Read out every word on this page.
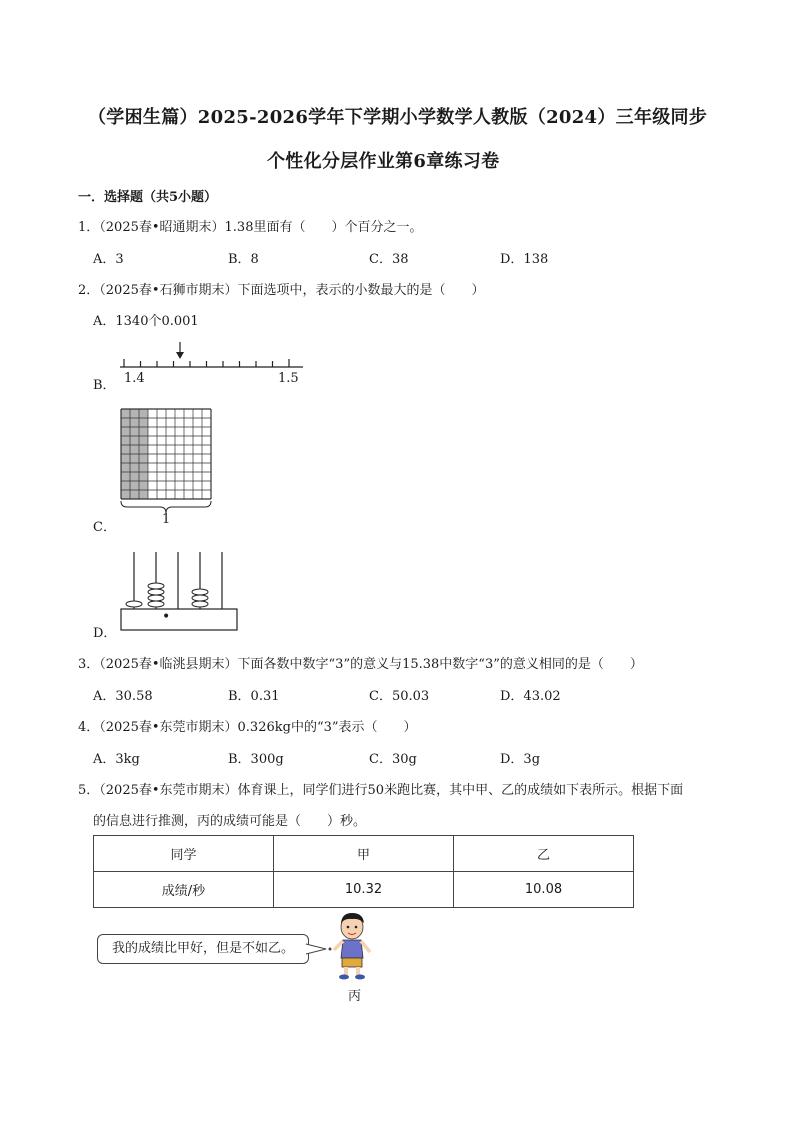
（学困生篇）2025-2026学年下学期小学数学人教版（2024）三年级同步
个性化分层作业第6章练习卷
一．选择题（共5小题）
1．（2025春•昭通期末）1.38里面有（　　）个百分之一。
A．3	B．8	C．38	D．138
2．（2025春•石狮市期末）下面选项中，表示的小数最大的是（　　）
A．1340个0.001
B． 1.4	1.5
C．
1
D．
•
3．（2025春•临洮县期末）下面各数中数字“3”的意义与15.38中数字“3”的意义相同的是（　　）
A．30.58	B．0.31	C．50.03	D．43.02
4．（2025春•东莞市期末）0.326kg中的“3”表示（　　）
A．3kg	B．300g	C．30g	D．3g
5．（2025春•东莞市期末）体育课上，同学们进行50米跑比赛，其中甲、乙的成绩如下表所示。根据下面
的信息进行推测，丙的成绩可能是（　　）秒。
同学	甲	乙
成绩/秒	10.32	10.08
我的成绩比甲好，但是不如乙。
丙
